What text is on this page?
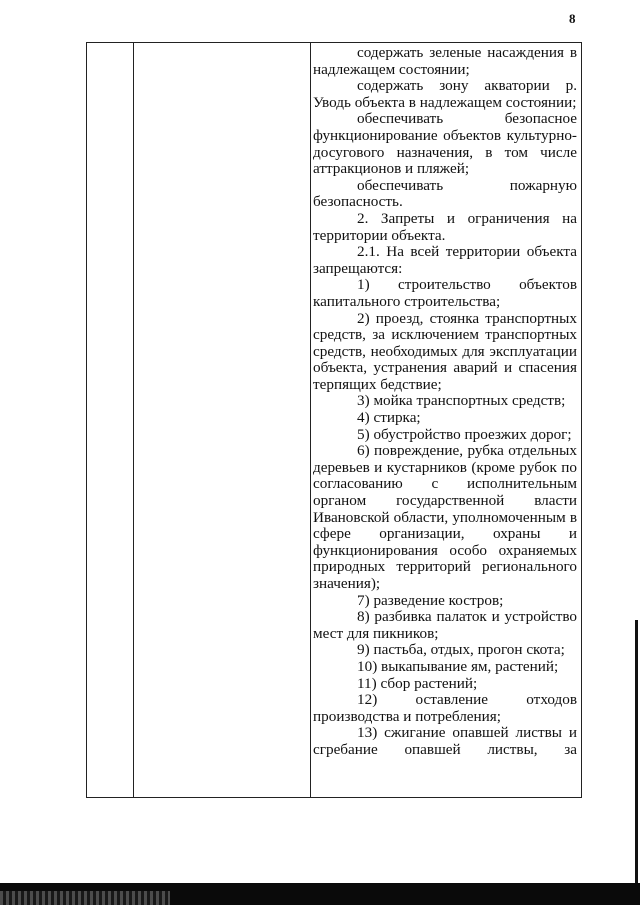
8

содержать зеленые насаждения в надлежащем состоянии;

содержать зону акватории р. Уводь объекта в надлежащем состоянии;

обеспечивать безопасное функционирование объектов культурно-досугового назначения, в том числе аттракционов и пляжей;

обеспечивать пожарную безопасность.

2. Запреты и ограничения на территории объекта.

2.1. На всей территории объекта запрещаются:

1) строительство объектов капитального строительства;

2) проезд, стоянка транспортных средств, за исключением транспортных средств, необходимых для эксплуатации объекта, устранения аварий и спасения терпящих бедствие;

3) мойка транспортных средств;

4) стирка;

5) обустройство проезжих дорог;

6) повреждение, рубка отдельных деревьев и кустарников (кроме рубок по согласованию с исполнительным органом государственной власти Ивановской области, уполномоченным в сфере организации, охраны и функционирования особо охраняемых природных территорий регионального значения);

7) разведение костров;

8) разбивка палаток и устройство мест для пикников;

9) пастьба, отдых, прогон скота;

10) выкапывание ям, растений;

11) сбор растений;

12) оставление отходов производства и потребления;

13) сжигание опавшей листвы и сгребание опавшей листвы, за
